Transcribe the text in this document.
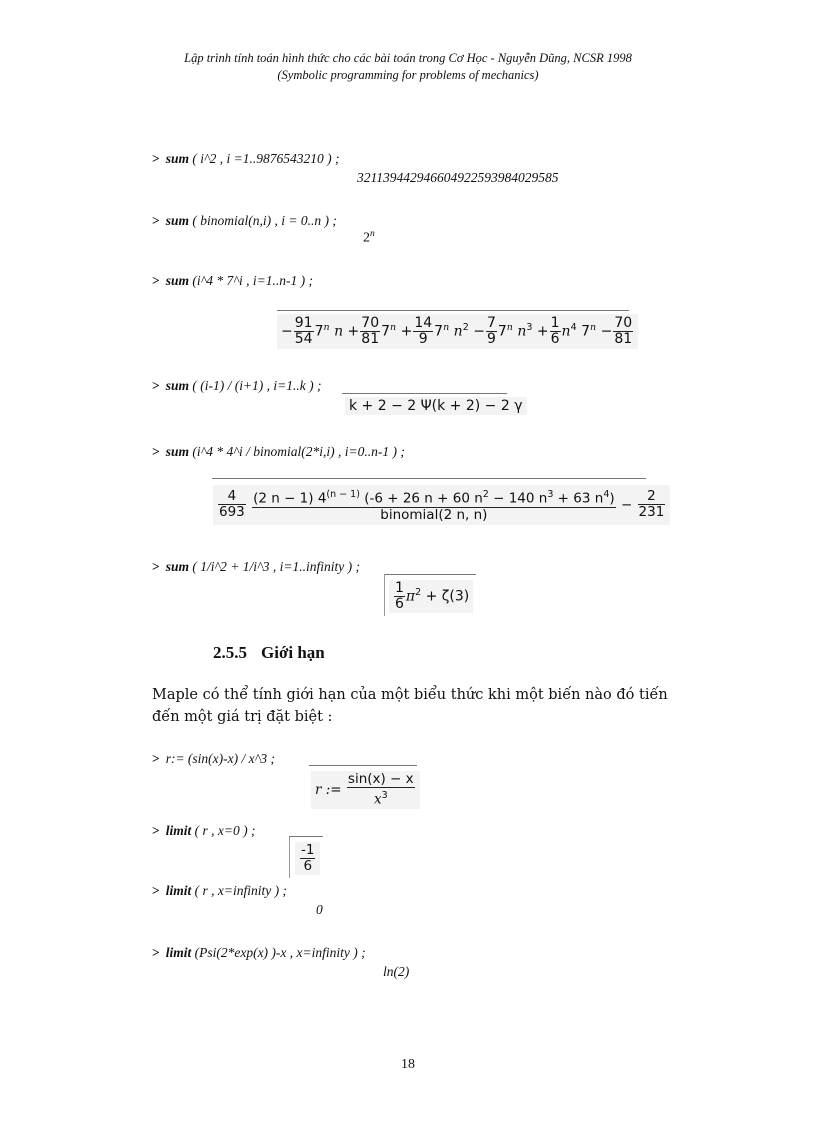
Lập trình tính toán hình thức cho các bài toán trong Cơ Học - Nguyễn Dũng, NCSR 1998
(Symbolic programming for problems of mechanics)
> sum ( i^2 , i =1..9876543210 ) ;
321139442946604922593984029585
> sum ( binomial(n,i) , i = 0..n ) ;
$2^n$
> sum (i^4 * 7^i , i=1..n-1 ) ;
− $\frac{91}{54} 7^n$ $n + \frac{70}{81} 7^n + \frac{14}{9} 7^n$ $n^2 - \frac{7}{9} 7^n$ $n^3 + \frac{1}{6} n^4$ $7^n - \frac{70}{81}$
> sum ( (i-1) / (i+1) , i=1..k ) ;
k + 2 − 2 Ψ(k + 2) − 2 γ
> sum (i^4 * 4^i / binomial(2*i,i) , i=0..n-1 ) ;
$\frac{4}{693}$
$\frac{(2 n - 1) 4^{(n - 1)} (-6 + 26 n + 60 n^2 - 140 n^3 + 63 n^4)}{\text{binomial(2 n, n)}} - \frac{2}{231}$
> sum ( 1/i^2 + 1/i^3 , i=1..infinity ) ;
$\frac{1}{6} \pi^2 + \zeta(3)$
2.5.5 Giới hạn
Maple có thể tính giới hạn của một biểu thức khi một biến nào đó tiến đến một giá trị đặt biệt :
> r:= (sin(x)-x) / x^3 ;
r := $\frac{\sin(x) - x}{x^3}$
> limit ( r , x=0 ) ;
$\frac{-1}{6}$
> limit ( r , x=infinity ) ;
0
> limit (Psi(2*exp(x) )-x , x=infinity ) ;
ln(2)
18
